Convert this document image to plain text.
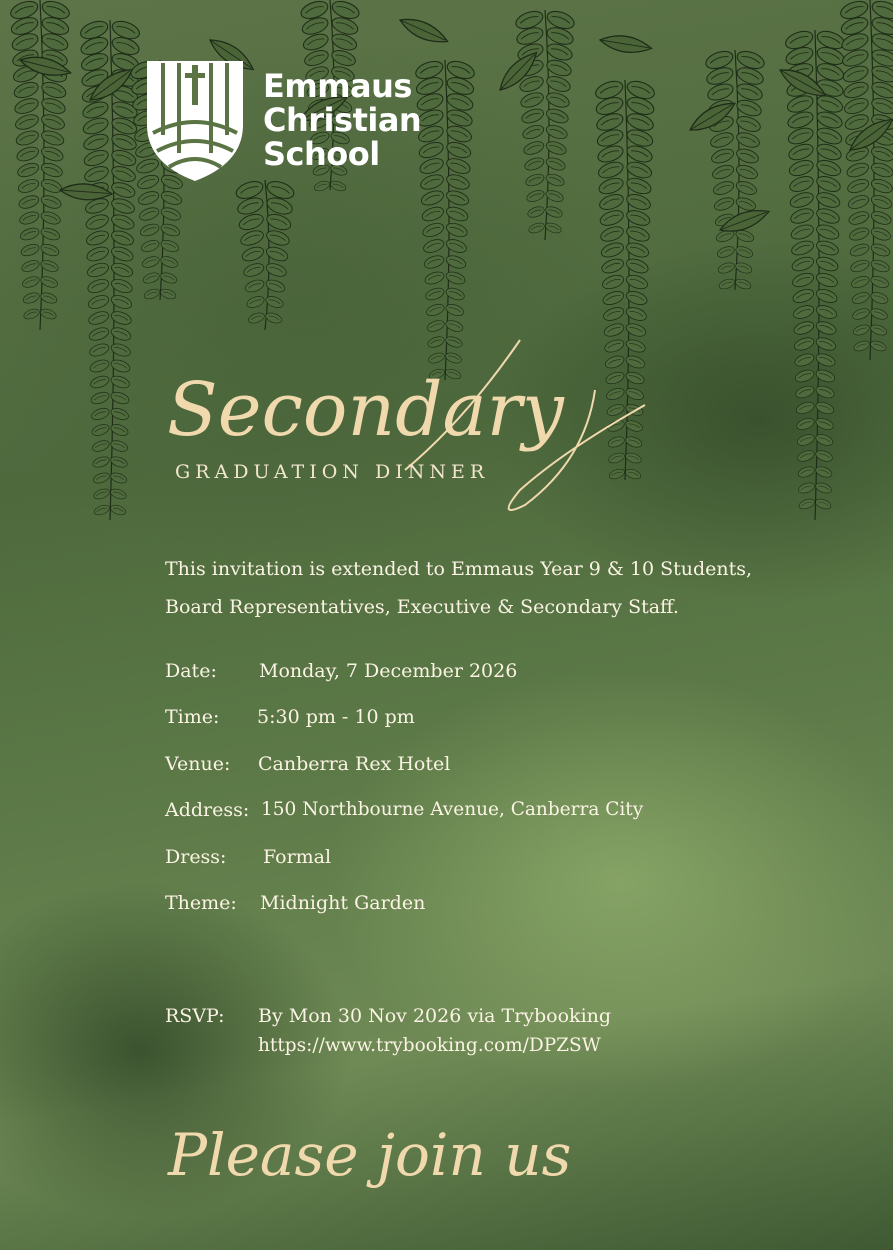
Emmaus
Christian
School
Secondary
GRADUATION DINNER
This invitation is extended to Emmaus Year 9 & 10 Students,
Board Representatives, Executive & Secondary Staff.
Date: Monday, 7 December 2026
Time: 5:30 pm - 10 pm
Venue: Canberra Rex Hotel
Address: 150 Northbourne Avenue, Canberra City
Dress: Formal
Theme: Midnight Garden
RSVP: By Mon 30 Nov 2026 via Trybooking
https://www.trybooking.com/DPZSW
Please join us
